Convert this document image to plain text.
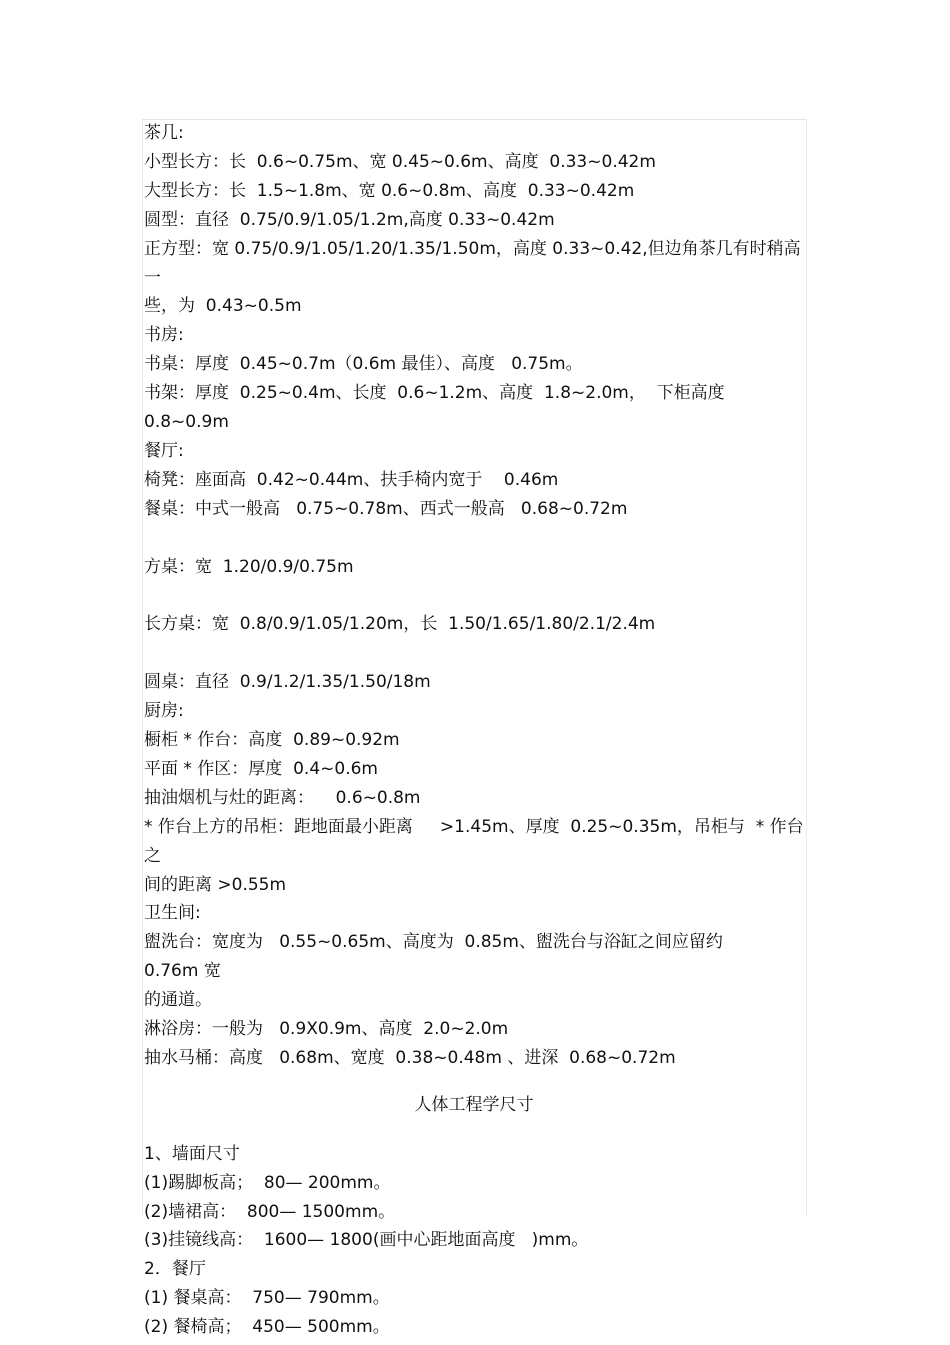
茶几:

小型长方：长  0.6~0.75m、宽 0.45~0.6m、高度  0.33~0.42m

大型长方：长  1.5~1.8m、宽 0.6~0.8m、高度  0.33~0.42m

圆型：直径  0.75/0.9/1.05/1.2m,高度 0.33~0.42m

正方型：宽 0.75/0.9/1.05/1.20/1.35/1.50m，高度 0.33~0.42,但边角茶几有时稍高一

些，为  0.43~0.5m

书房:

书桌：厚度  0.45~0.7m（0.6m 最佳）、高度   0.75m。

书架：厚度  0.25~0.4m、长度  0.6~1.2m、高度  1.8~2.0m，  下柜高度   0.8~0.9m

餐厅:

椅凳：座面高  0.42~0.44m、扶手椅内宽于    0.46m

餐桌：中式一般高   0.75~0.78m、西式一般高   0.68~0.72m

方桌：宽  1.20/0.9/0.75m

长方桌：宽  0.8/0.9/1.05/1.20m，长  1.50/1.65/1.80/2.1/2.4m

圆桌：直径  0.9/1.2/1.35/1.50/18m

厨房:

橱柜 * 作台：高度  0.89~0.92m

平面 * 作区：厚度  0.4~0.6m

抽油烟机与灶的距离：    0.6~0.8m

* 作台上方的吊柜：距地面最小距离     >1.45m、厚度  0.25~0.35m，吊柜与  * 作台之

间的距离 >0.55m

卫生间:

盥洗台：宽度为   0.55~0.65m、高度为  0.85m、盥洗台与浴缸之间应留约     0.76m 宽

的通道。

淋浴房：一般为   0.9X0.9m、高度  2.0~2.0m

抽水马桶：高度   0.68m、宽度  0.38~0.48m 、进深  0.68~0.72m

人体工程学尺寸

1、墙面尺寸

(1)踢脚板高；  80— 200mm。

(2)墙裙高：  800— 1500mm。

(3)挂镜线高：  1600— 1800(画中心距地面高度   )mm。

2．餐厅

(1) 餐桌高：  750— 790mm。

(2) 餐椅高；  450— 500mm。
